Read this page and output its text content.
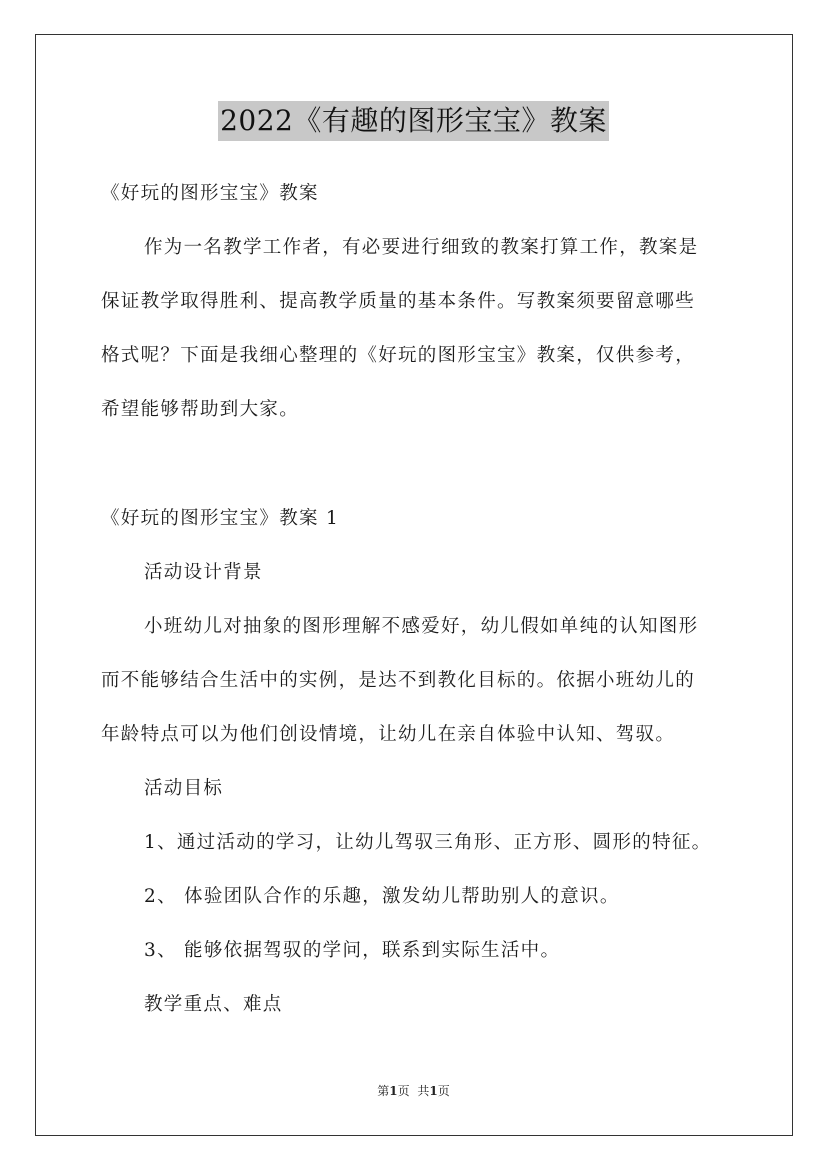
2022《有趣的图形宝宝》教案
《好玩的图形宝宝》教案
作为一名教学工作者，有必要进行细致的教案打算工作，教案是
保证教学取得胜利、提高教学质量的基本条件。写教案须要留意哪些
格式呢？下面是我细心整理的《好玩的图形宝宝》教案，仅供参考，
希望能够帮助到大家。
《好玩的图形宝宝》教案 1
活动设计背景
小班幼儿对抽象的图形理解不感爱好，幼儿假如单纯的认知图形
而不能够结合生活中的实例，是达不到教化目标的。依据小班幼儿的
年龄特点可以为他们创设情境，让幼儿在亲自体验中认知、驾驭。
活动目标
1、通过活动的学习，让幼儿驾驭三角形、正方形、圆形的特征。
2、 体验团队合作的乐趣，激发幼儿帮助别人的意识。
3、 能够依据驾驭的学问，联系到实际生活中。
教学重点、难点
第1页 共1页
